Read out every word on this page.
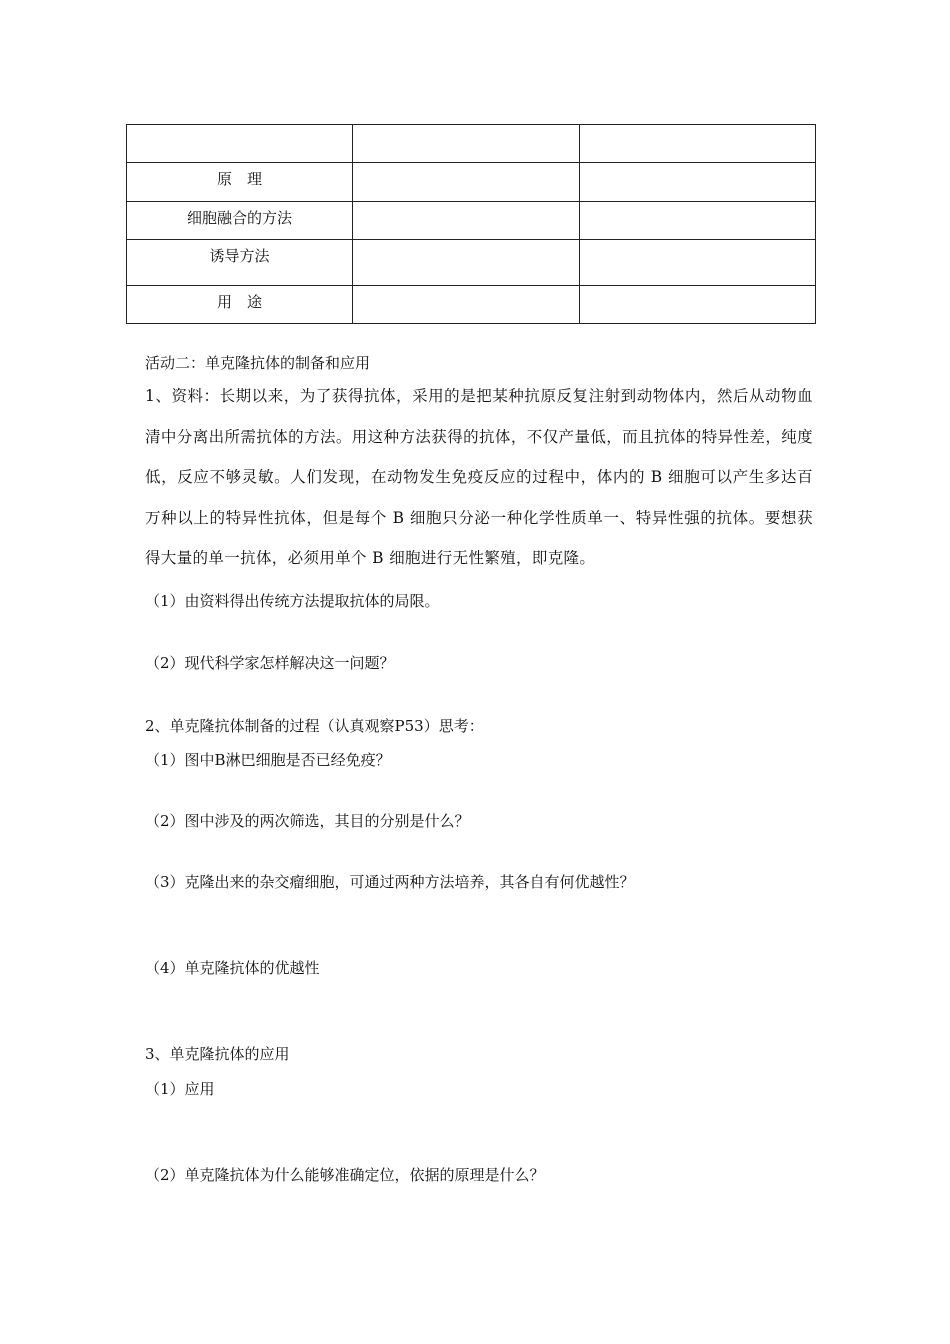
原　理		
细胞融合的方法		
诱导方法		
用　途		
活动二：单克隆抗体的制备和应用
1、资料：长期以来，为了获得抗体，采用的是把某种抗原反复注射到动物体内，然后从动物血清中分离出所需抗体的方法。用这种方法获得的抗体，不仅产量低，而且抗体的特异性差，纯度低，反应不够灵敏。人们发现，在动物发生免疫反应的过程中，体内的 B 细胞可以产生多达百万种以上的特异性抗体，但是每个 B 细胞只分泌一种化学性质单一、特异性强的抗体。要想获得大量的单一抗体，必须用单个 B 细胞进行无性繁殖，即克隆。
（1）由资料得出传统方法提取抗体的局限。
（2）现代科学家怎样解决这一问题？
2、单克隆抗体制备的过程（认真观察P53）思考：
（1）图中B淋巴细胞是否已经免疫？
（2）图中涉及的两次筛选，其目的分别是什么？
（3）克隆出来的杂交瘤细胞，可通过两种方法培养，其各自有何优越性？
（4）单克隆抗体的优越性
3、单克隆抗体的应用
（1）应用
（2）单克隆抗体为什么能够准确定位，依据的原理是什么？
